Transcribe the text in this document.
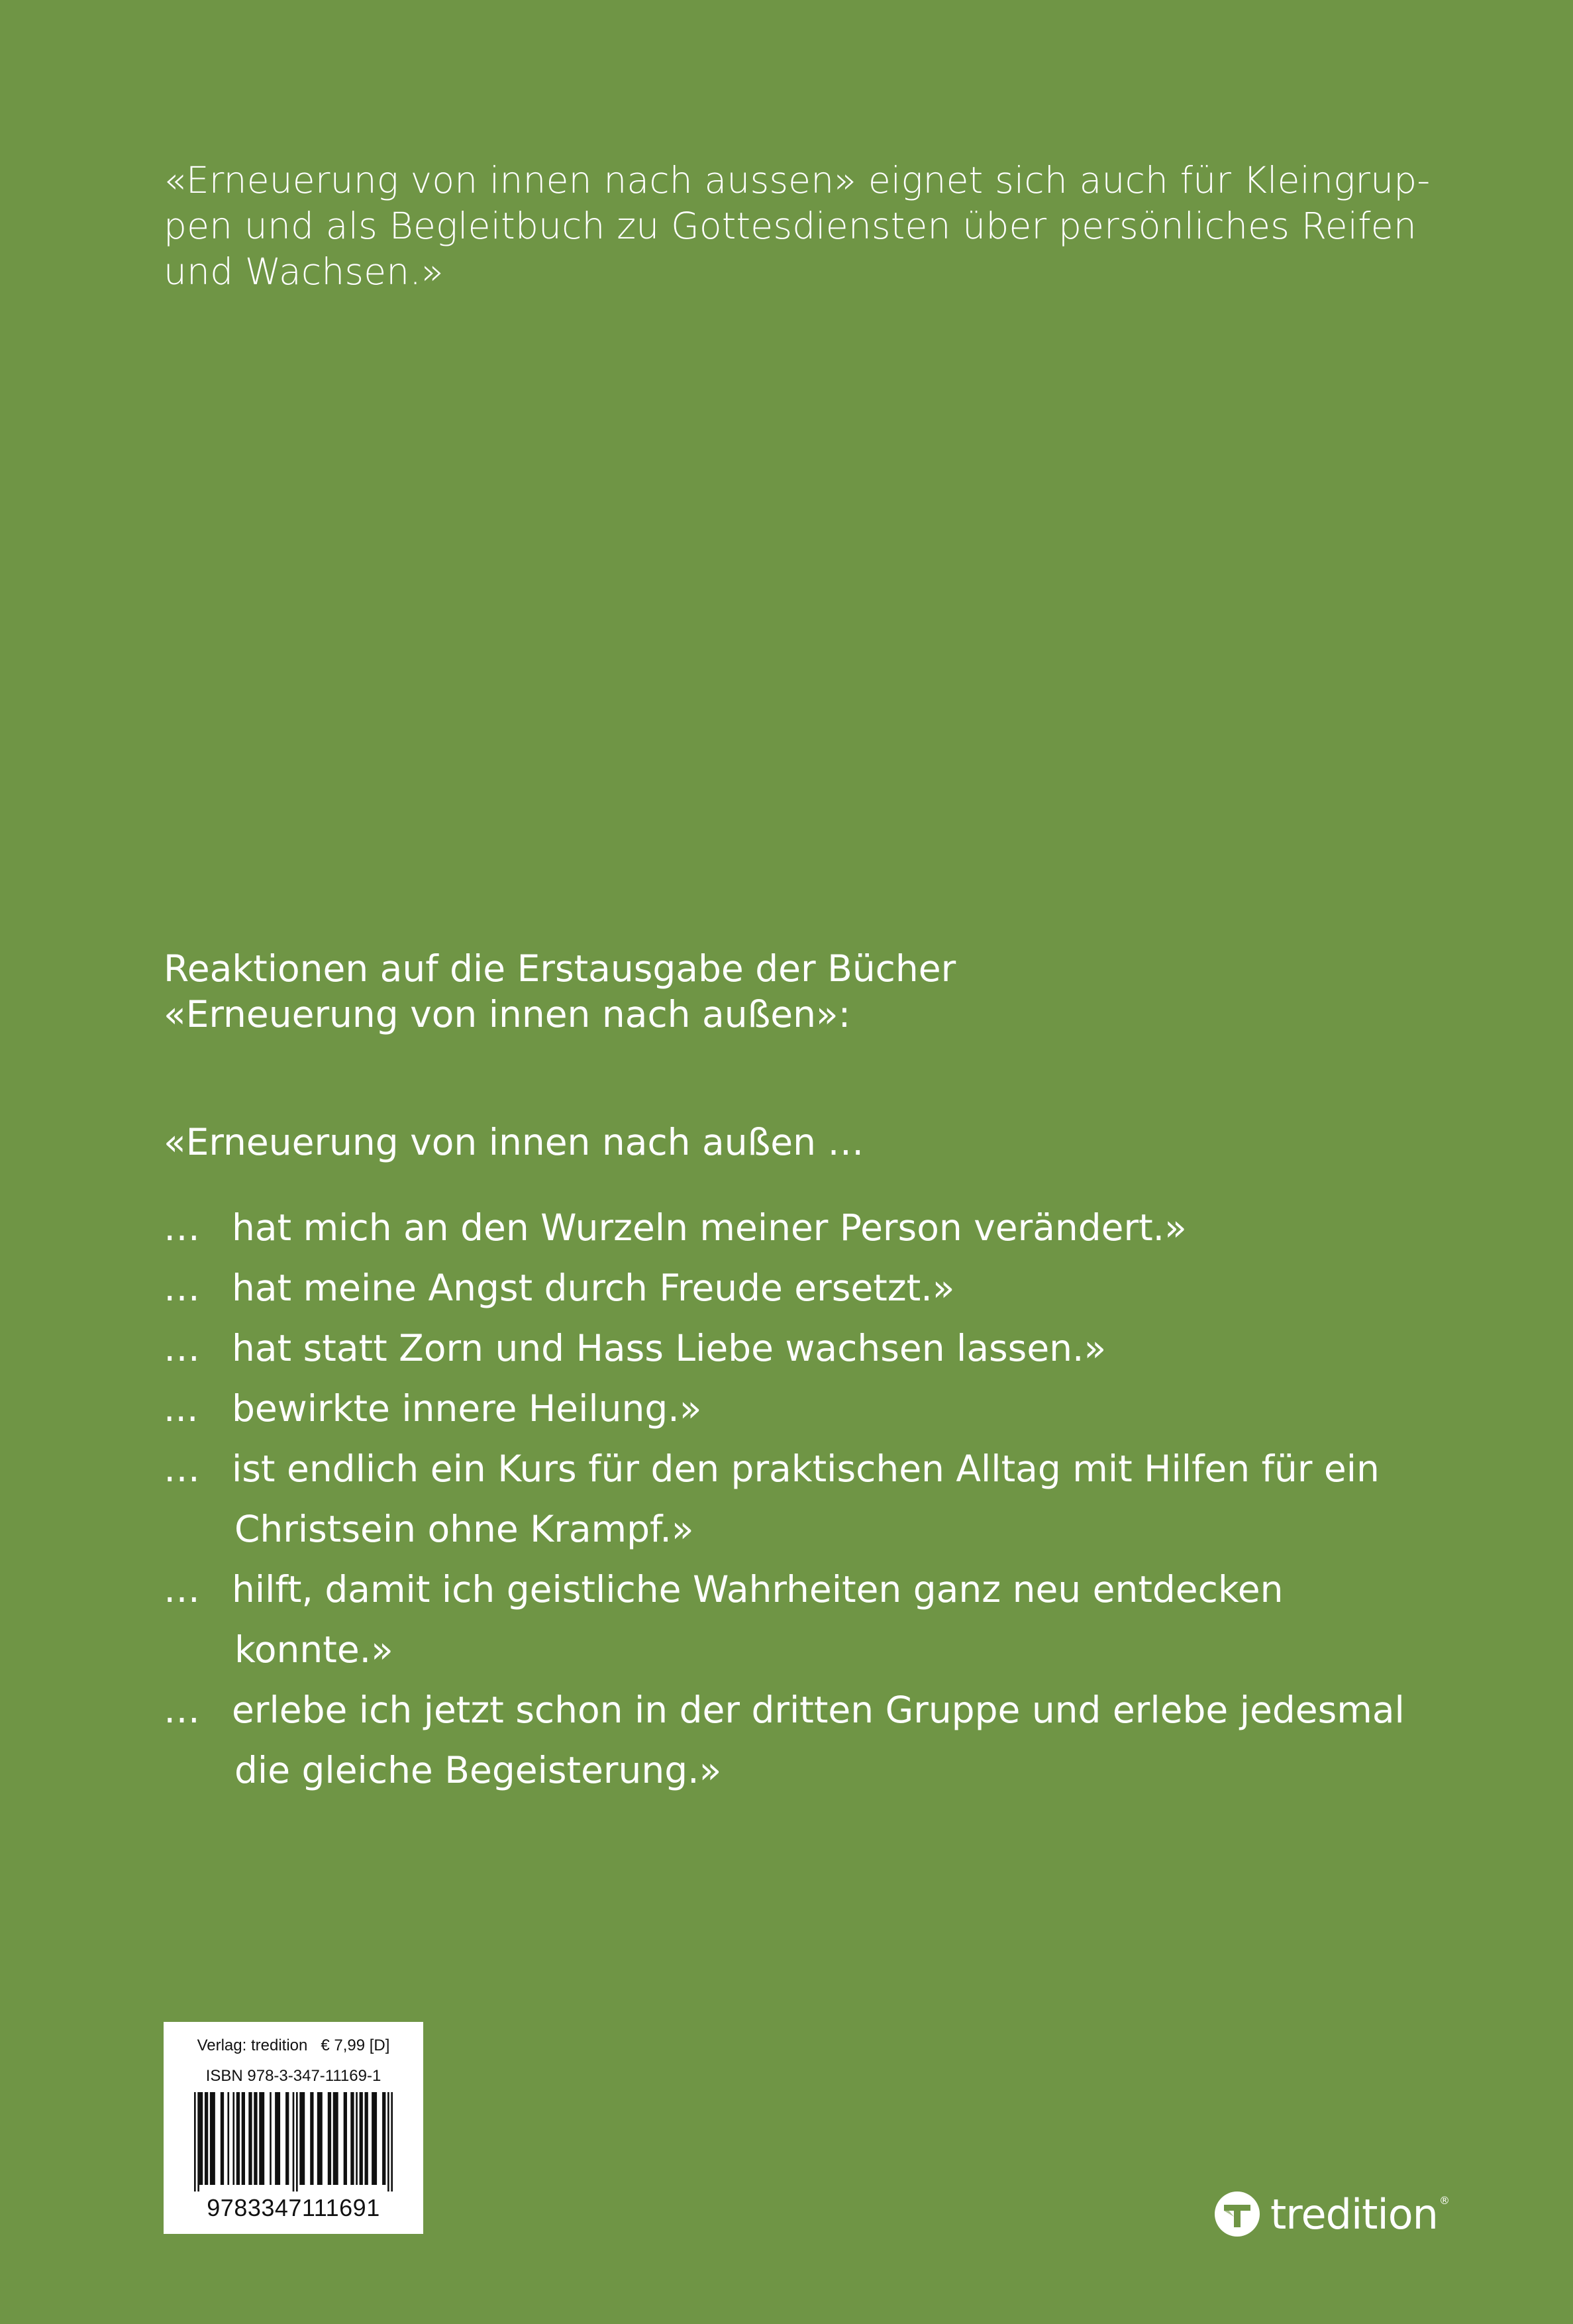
«Erneuerung von innen nach aussen» eignet sich auch für Kleingrup-

pen und als Begleitbuch zu Gottesdiensten über persönliches Reifen

und Wachsen.»

Reaktionen auf die Erstausgabe der Bücher
«Erneuerung von innen nach außen»:
«Erneuerung von innen nach außen …
… hat mich an den Wurzeln meiner Person verändert.»
… hat meine Angst durch Freude ersetzt.»
… hat statt Zorn und Hass Liebe wachsen lassen.»
... bewirkte innere Heilung.»
… ist endlich ein Kurs für den praktischen Alltag mit Hilfen für ein
Christsein ohne Krampf.»
… hilft, damit ich geistliche Wahrheiten ganz neu entdecken
konnte.»
… erlebe ich jetzt schon in der dritten Gruppe und erlebe jedesmal
die gleiche Begeisterung.»
Verlag: tredition   € 7,99 [D]
ISBN 978-3-347-11169-1
9783347111691	tredition ®
